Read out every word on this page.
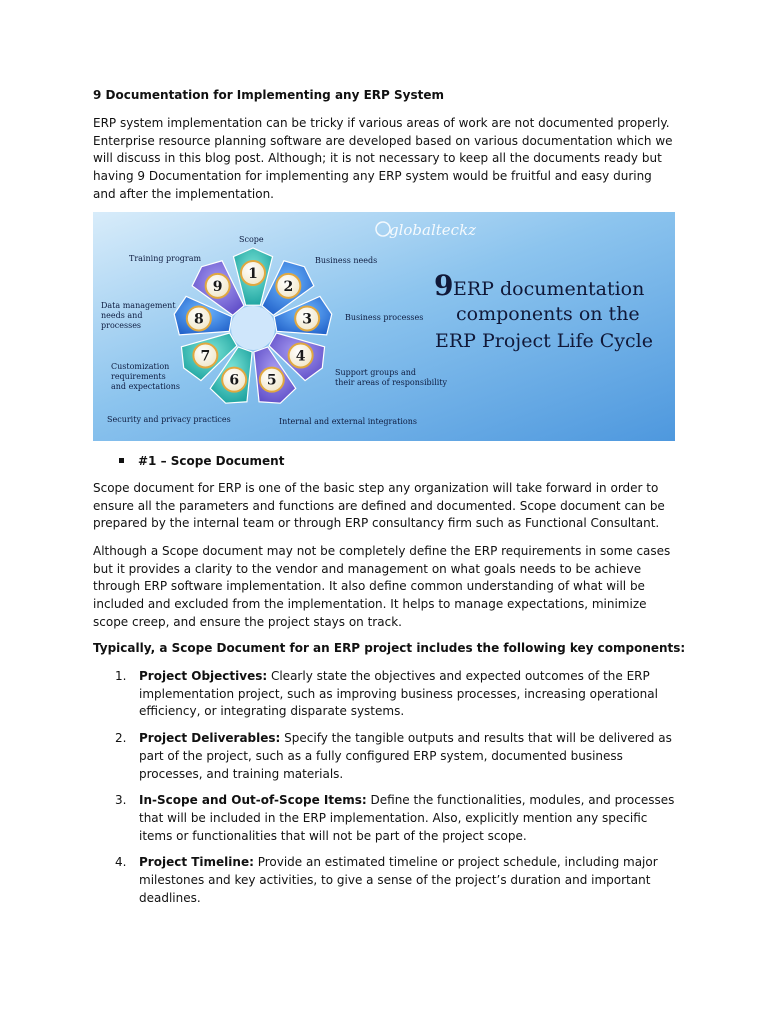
9 Documentation for Implementing any ERP System

ERP system implementation can be tricky if various areas of work are not documented properly. Enterprise resource planning software are developed based on various documentation which we will discuss in this blog post. Although; it is not necessary to keep all the documents ready but having 9 Documentation for implementing any ERP system would be fruitful and easy during and after the implementation.

globalteckz
9 ERP documentation
components on the
ERP Project Life Cycle
1
2
3
4
5
6
7
8
9
Scope
Business needs
Business processes
Support groups and
their areas of responsibility
Internal and external integrations
Security and privacy practices
Customization
requirements
and expectations
Data management
needs and
processes
Training program
#1 – Scope Document

Scope document for ERP is one of the basic step any organization will take forward in order to ensure all the parameters and functions are defined and documented. Scope document can be prepared by the internal team or through ERP consultancy firm such as Functional Consultant.

Although a Scope document may not be completely define the ERP requirements in some cases but it provides a clarity to the vendor and management on what goals needs to be achieve through ERP software implementation. It also define common understanding of what will be included and excluded from the implementation. It helps to manage expectations, minimize scope creep, and ensure the project stays on track.

Typically, a Scope Document for an ERP project includes the following key components:
1. Project Objectives: Clearly state the objectives and expected outcomes of the ERP implementation project, such as improving business processes, increasing operational efficiency, or integrating disparate systems.
2. Project Deliverables: Specify the tangible outputs and results that will be delivered as part of the project, such as a fully configured ERP system, documented business processes, and training materials.
3. In-Scope and Out-of-Scope Items: Define the functionalities, modules, and processes that will be included in the ERP implementation. Also, explicitly mention any specific items or functionalities that will not be part of the project scope.
4. Project Timeline: Provide an estimated timeline or project schedule, including major milestones and key activities, to give a sense of the project’s duration and important deadlines.
